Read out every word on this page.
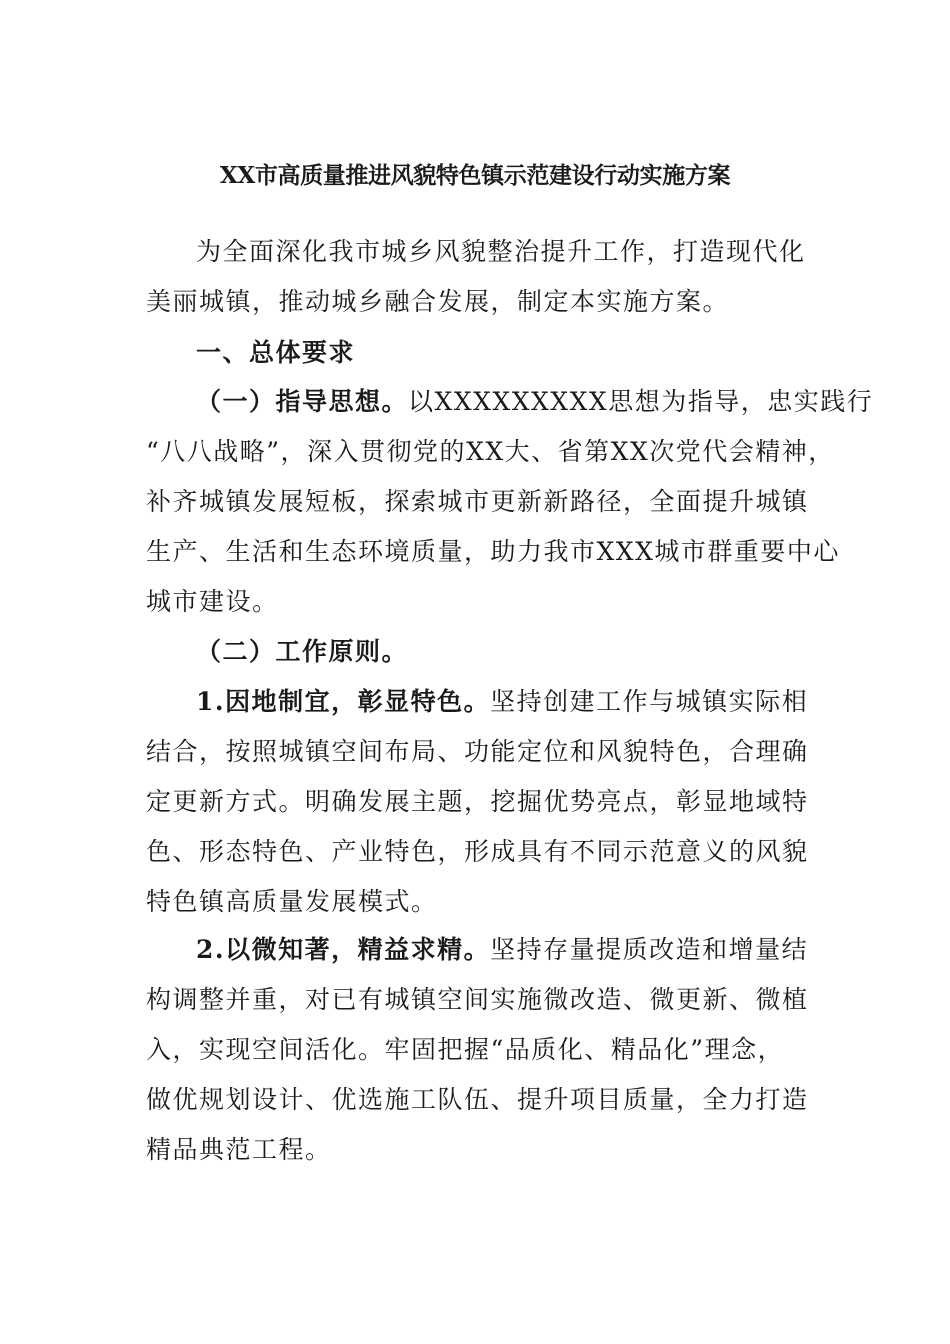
XX市高质量推进风貌特色镇示范建设行动实施方案
为全面深化我市城乡风貌整治提升工作，打造现代化
美丽城镇，推动城乡融合发展，制定本实施方案。
一、总体要求
（一）指导思想。以XXXXXXXXX思想为指导，忠实践行
“八八战略”，深入贯彻党的XX大、省第XX次党代会精神，
补齐城镇发展短板，探索城市更新新路径，全面提升城镇
生产、生活和生态环境质量，助力我市XXX城市群重要中心
城市建设。
（二）工作原则。
1.因地制宜，彰显特色。坚持创建工作与城镇实际相
结合，按照城镇空间布局、功能定位和风貌特色，合理确
定更新方式。明确发展主题，挖掘优势亮点，彰显地域特
色、形态特色、产业特色，形成具有不同示范意义的风貌
特色镇高质量发展模式。
2.以微知著，精益求精。坚持存量提质改造和增量结
构调整并重，对已有城镇空间实施微改造、微更新、微植
入，实现空间活化。牢固把握“品质化、精品化”理念，
做优规划设计、优选施工队伍、提升项目质量，全力打造
精品典范工程。
